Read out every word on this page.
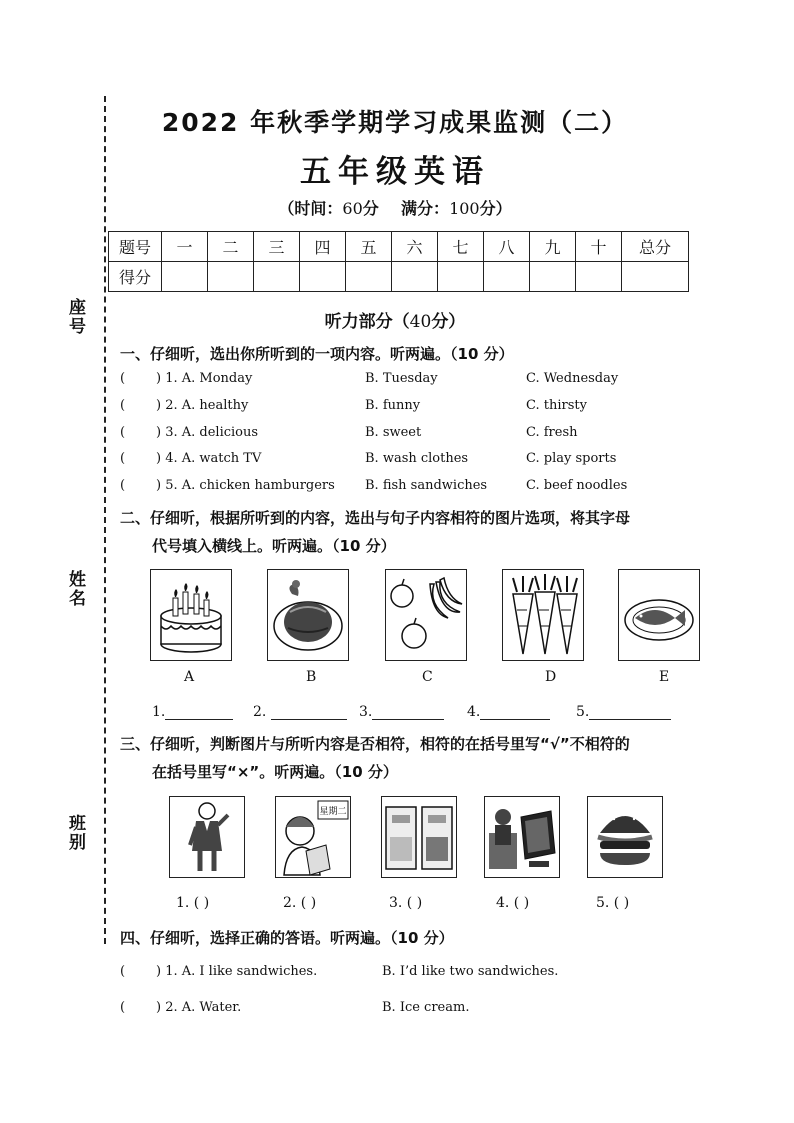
座号
姓名
班别
2022 年秋季学期学习成果监测（二）
五年级英语
（时间：60分 满分：100分）
题号	一	二	三	四	五	六	七	八	九	十	总分
得分											
听力部分（40分）
一、仔细听，选出你所听到的一项内容。听两遍。（10 分）
( ) 1. A. Monday	B. Tuesday	C. Wednesday
( ) 2. A. healthy	B. funny	C. thirsty
( ) 3. A. delicious	B. sweet	C. fresh
( ) 4. A. watch TV	B. wash clothes	C. play sports
( ) 5. A. chicken hamburgers B. fish sandwiches	C. beef noodles
二、仔细听，根据所听到的内容，选出与句子内容相符的图片选项，将其字母
代号填入横线上。听两遍。（10 分）
A	B	C	D	E
1.	2.	3.	4.	5.
三、仔细听，判断图片与所听内容是否相符，相符的在括号里写“√”不相符的
在括号里写“×”。听两遍。（10 分）
星期二
1. ( )	2. ( )	3. ( )	4. ( )	5. ( )
四、仔细听，选择正确的答语。听两遍。（10 分）
( ) 1. A. I like sandwiches.	B. I’d like two sandwiches.
( ) 2. A. Water.	B. Ice cream.
